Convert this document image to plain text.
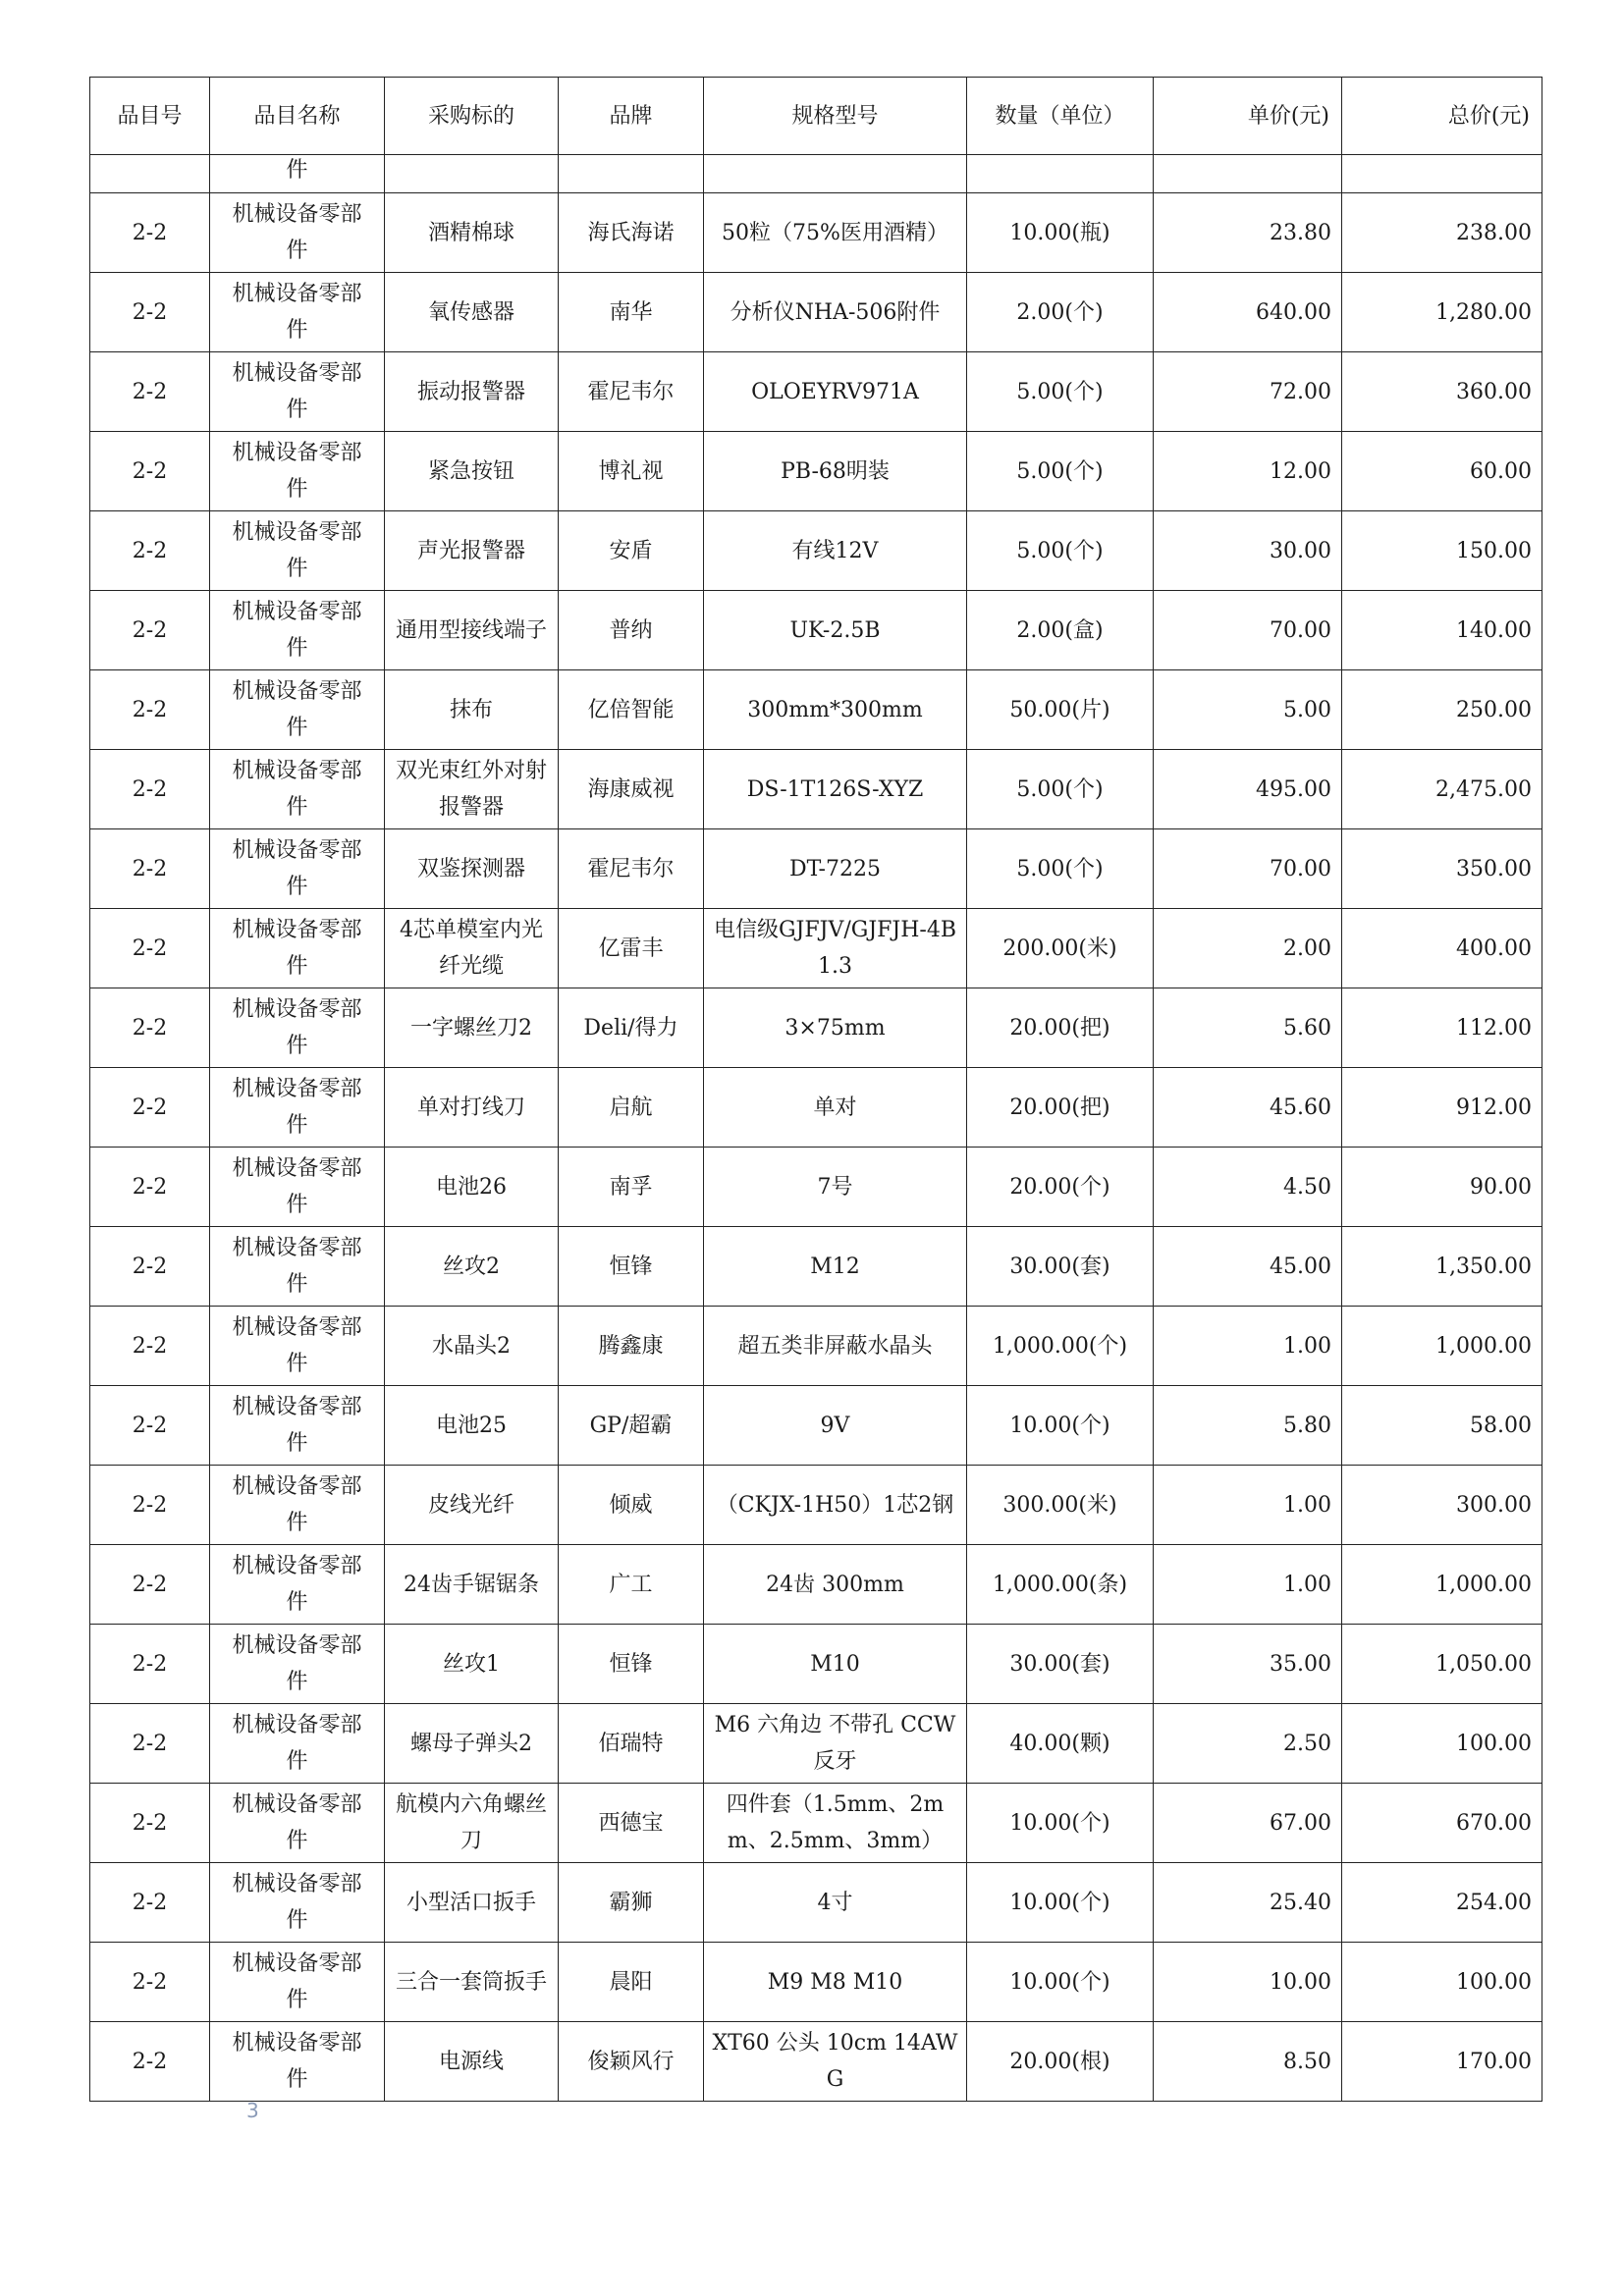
品目号	品目名称	采购标的	品牌	规格型号	数量（单位）	单价(元)	总价(元)
	件						
2-2	机械设备零部件	酒精棉球	海氏海诺	50粒（75%医用酒精）	10.00(瓶)	23.80	238.00
2-2	机械设备零部件	氧传感器	南华	分析仪NHA-506附件	2.00(个)	640.00	1,280.00
2-2	机械设备零部件	振动报警器	霍尼韦尔	OLOEYRV971A	5.00(个)	72.00	360.00
2-2	机械设备零部件	紧急按钮	博礼视	PB-68明装	5.00(个)	12.00	60.00
2-2	机械设备零部件	声光报警器	安盾	有线12V	5.00(个)	30.00	150.00
2-2	机械设备零部件	通用型接线端子	普纳	UK-2.5B	2.00(盒)	70.00	140.00
2-2	机械设备零部件	抹布	亿倍智能	300mm*300mm	50.00(片)	5.00	250.00
2-2	机械设备零部件	双光束红外对射报警器	海康威视	DS-1T126S-XYZ	5.00(个)	495.00	2,475.00
2-2	机械设备零部件	双鉴探测器	霍尼韦尔	DT-7225	5.00(个)	70.00	350.00
2-2	机械设备零部件	4芯单模室内光纤光缆	亿雷丰	电信级GJFJV/GJFJH-4B1.3	200.00(米)	2.00	400.00
2-2	机械设备零部件	一字螺丝刀2	Deli/得力	3×75mm	20.00(把)	5.60	112.00
2-2	机械设备零部件	单对打线刀	启航	单对	20.00(把)	45.60	912.00
2-2	机械设备零部件	电池26	南孚	7号	20.00(个)	4.50	90.00
2-2	机械设备零部件	丝攻2	恒锋	M12	30.00(套)	45.00	1,350.00
2-2	机械设备零部件	水晶头2	腾鑫康	超五类非屏蔽水晶头	1,000.00(个)	1.00	1,000.00
2-2	机械设备零部件	电池25	GP/超霸	9V	10.00(个)	5.80	58.00
2-2	机械设备零部件	皮线光纤	倾威	（CKJX-1H50）1芯2钢	300.00(米)	1.00	300.00
2-2	机械设备零部件	24齿手锯锯条	广工	24齿 300mm	1,000.00(条)	1.00	1,000.00
2-2	机械设备零部件	丝攻1	恒锋	M10	30.00(套)	35.00	1,050.00
2-2	机械设备零部件	螺母子弹头2	佰瑞特	M6 六角边 不带孔 CCW反牙	40.00(颗)	2.50	100.00
2-2	机械设备零部件	航模内六角螺丝刀	西德宝	四件套（1.5mm、2mm、2.5mm、3mm）	10.00(个)	67.00	670.00
2-2	机械设备零部件	小型活口扳手	霸狮	4寸	10.00(个)	25.40	254.00
2-2	机械设备零部件	三合一套筒扳手	晨阳	M9 M8 M10	10.00(个)	10.00	100.00
2-2	机械设备零部件	电源线	俊颖风行	XT60 公头 10cm 14AWG	20.00(根)	8.50	170.00
3
